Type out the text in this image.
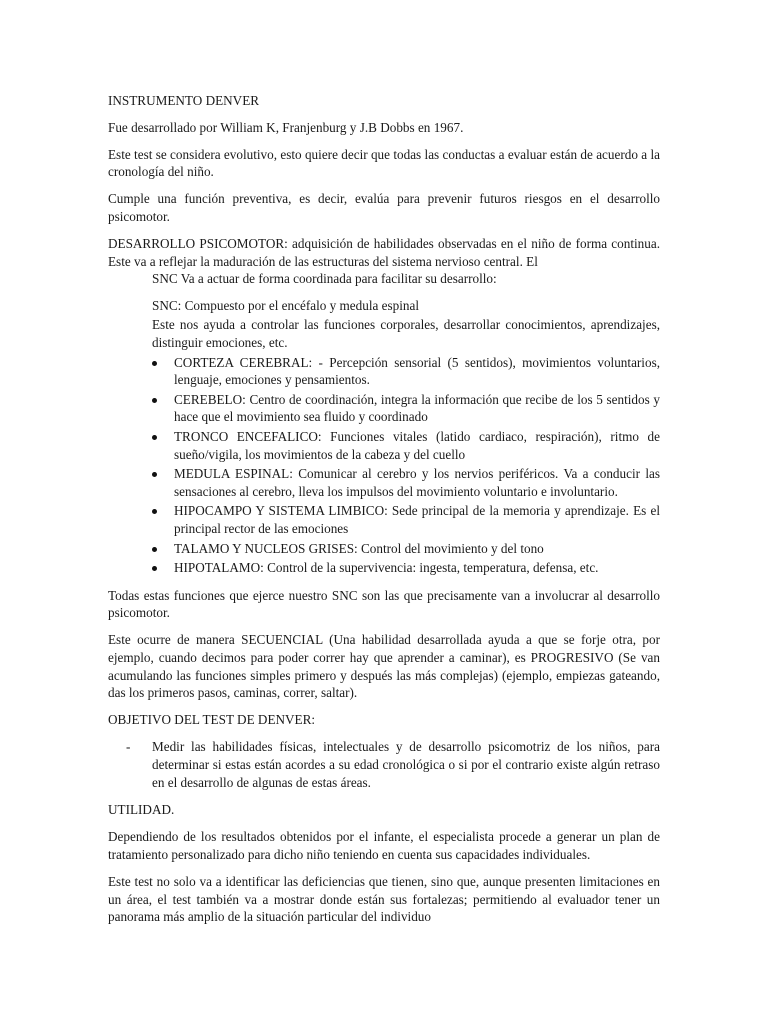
INSTRUMENTO DENVER

Fue desarrollado por William K, Franjenburg y J.B Dobbs en 1967.

Este test se considera evolutivo, esto quiere decir que todas las conductas a evaluar están de acuerdo a la cronología del niño.

Cumple una función preventiva, es decir, evalúa para prevenir futuros riesgos en el desarrollo psicomotor.

DESARROLLO PSICOMOTOR: adquisición de habilidades observadas en el niño de forma continua. Este va a reflejar la maduración de las estructuras del sistema nervioso central. El
SNC Va a actuar de forma coordinada para facilitar su desarrollo:

SNC: Compuesto por el encéfalo y medula espinal

Este nos ayuda a controlar las funciones corporales, desarrollar conocimientos, aprendizajes, distinguir emociones, etc.

CORTEZA CEREBRAL: - Percepción sensorial (5 sentidos), movimientos voluntarios, lenguaje, emociones y pensamientos.
CEREBELO: Centro de coordinación, integra la información que recibe de los 5 sentidos y hace que el movimiento sea fluido y coordinado
TRONCO ENCEFALICO: Funciones vitales (latido cardiaco, respiración), ritmo de sueño/vigila, los movimientos de la cabeza y del cuello
MEDULA ESPINAL: Comunicar al cerebro y los nervios periféricos. Va a conducir las sensaciones al cerebro, lleva los impulsos del movimiento voluntario e involuntario.
HIPOCAMPO Y SISTEMA LIMBICO: Sede principal de la memoria y aprendizaje. Es el principal rector de las emociones
TALAMO Y NUCLEOS GRISES: Control del movimiento y del tono
HIPOTALAMO: Control de la supervivencia: ingesta, temperatura, defensa, etc.

Todas estas funciones que ejerce nuestro SNC son las que precisamente van a involucrar al desarrollo psicomotor.

Este ocurre de manera SECUENCIAL (Una habilidad desarrollada ayuda a que se forje otra, por ejemplo, cuando decimos para poder correr hay que aprender a caminar), es PROGRESIVO (Se van acumulando las funciones simples primero y después las más complejas) (ejemplo, empiezas gateando, das los primeros pasos, caminas, correr, saltar).

OBJETIVO DEL TEST DE DENVER:

- Medir las habilidades físicas, intelectuales y de desarrollo psicomotriz de los niños, para determinar si estas están acordes a su edad cronológica o si por el contrario existe algún retraso en el desarrollo de algunas de estas áreas.

UTILIDAD.

Dependiendo de los resultados obtenidos por el infante, el especialista procede a generar un plan de tratamiento personalizado para dicho niño teniendo en cuenta sus capacidades individuales.

Este test no solo va a identificar las deficiencias que tienen, sino que, aunque presenten limitaciones en un área, el test también va a mostrar donde están sus fortalezas; permitiendo al evaluador tener un panorama más amplio de la situación particular del individuo
